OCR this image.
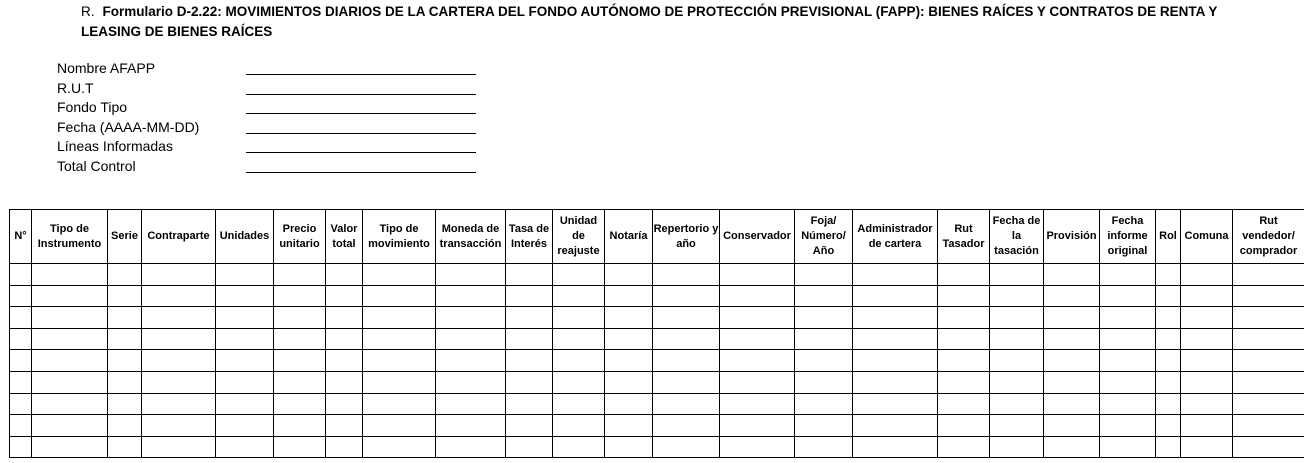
R. Formulario D-2.22: MOVIMIENTOS DIARIOS DE LA CARTERA DEL FONDO AUTÓNOMO DE PROTECCIÓN PREVISIONAL (FAPP): BIENES RAÍCES Y CONTRATOS DE RENTA Y LEASING DE BIENES RAÍCES
Nombre AFAPP
R.U.T
Fondo Tipo
Fecha (AAAA-MM-DD)
Líneas Informadas
Total Control
N°	Tipo de Instrumento	Serie	Contraparte	Unidades	Precio unitario	Valor total	Tipo de movimiento	Moneda de transacción	Tasa de Interés	Unidad de reajuste	Notaría	Repertorio y año	Conservador	Foja/ Número/ Año	Administrador de cartera	Rut Tasador	Fecha de la tasación	Provisión	Fecha informe original	Rol	Comuna	Rut vendedor/ comprador
